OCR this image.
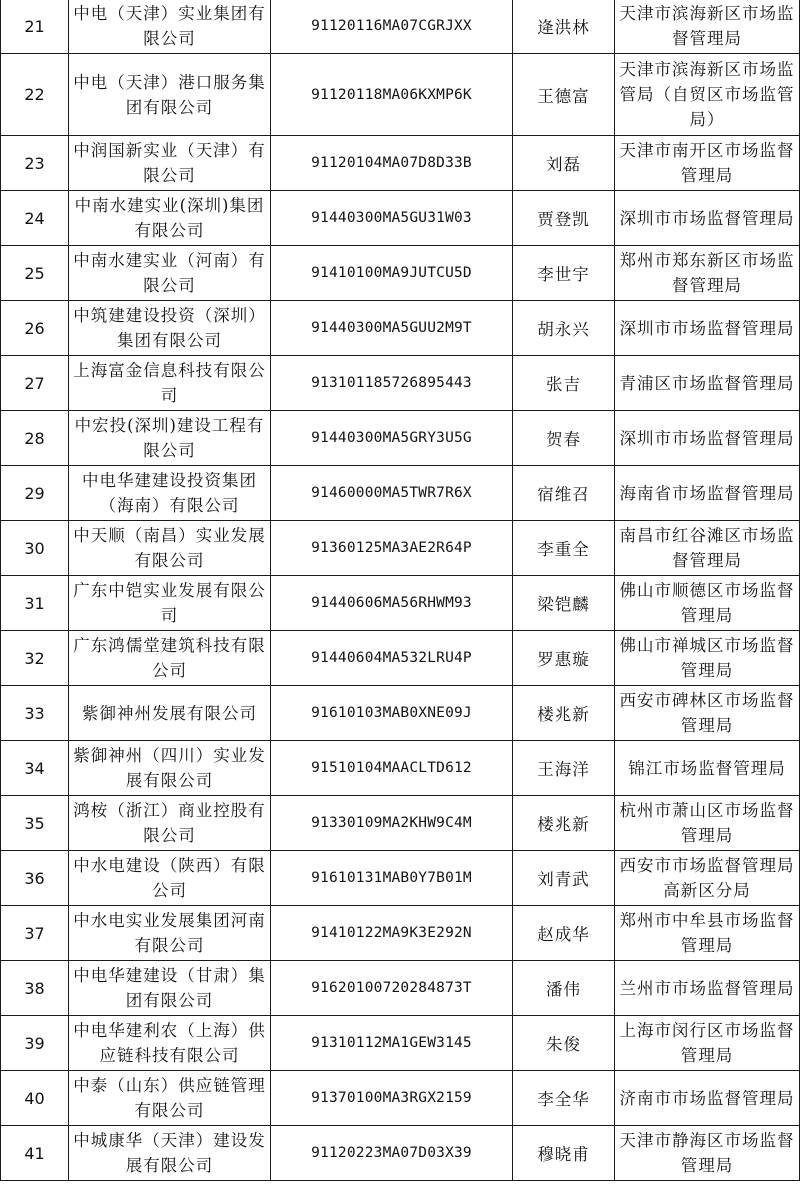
21	中电（天津）实业集团有限公司	91120116MA07CGRJXX	逄洪林	天津市滨海新区市场监督管理局
22	中电（天津）港口服务集团有限公司	91120118MA06KXMP6K	王德富	天津市滨海新区市场监管局（自贸区市场监管局）
23	中润国新实业（天津）有限公司	91120104MA07D8D33B	刘磊	天津市南开区市场监督管理局
24	中南水建实业(深圳)集团有限公司	91440300MA5GU31W03	贾登凯	深圳市市场监督管理局
25	中南水建实业（河南）有限公司	91410100MA9JUTCU5D	李世宇	郑州市郑东新区市场监督管理局
26	中筑建建设投资（深圳）集团有限公司	91440300MA5GUU2M9T	胡永兴	深圳市市场监督管理局
27	上海富金信息科技有限公司	913101185726895443	张吉	青浦区市场监督管理局
28	中宏投(深圳)建设工程有限公司	91440300MA5GRY3U5G	贺春	深圳市市场监督管理局
29	中电华建建设投资集团（海南）有限公司	91460000MA5TWR7R6X	宿维召	海南省市场监督管理局
30	中天顺（南昌）实业发展有限公司	91360125MA3AE2R64P	李重全	南昌市红谷滩区市场监督管理局
31	广东中铠实业发展有限公司	91440606MA56RHWM93	梁铠麟	佛山市顺德区市场监督管理局
32	广东鸿儒堂建筑科技有限公司	91440604MA532LRU4P	罗惠璇	佛山市禅城区市场监督管理局
33	紫御神州发展有限公司	91610103MAB0XNE09J	楼兆新	西安市碑林区市场监督管理局
34	紫御神州（四川）实业发展有限公司	91510104MAACLTD612	王海洋	锦江市场监督管理局
35	鸿桉（浙江）商业控股有限公司	91330109MA2KHW9C4M	楼兆新	杭州市萧山区市场监督管理局
36	中水电建设（陕西）有限公司	91610131MAB0Y7B01M	刘青武	西安市市场监督管理局高新区分局
37	中水电实业发展集团河南有限公司	91410122MA9K3E292N	赵成华	郑州市中牟县市场监督管理局
38	中电华建建设（甘肃）集团有限公司	91620100720284873T	潘伟	兰州市市场监督管理局
39	中电华建利农（上海）供应链科技有限公司	91310112MA1GEW3145	朱俊	上海市闵行区市场监督管理局
40	中泰（山东）供应链管理有限公司	91370100MA3RGX2159	李全华	济南市市场监督管理局
41	中城康华（天津）建设发展有限公司	91120223MA07D03X39	穆晓甫	天津市静海区市场监督管理局
